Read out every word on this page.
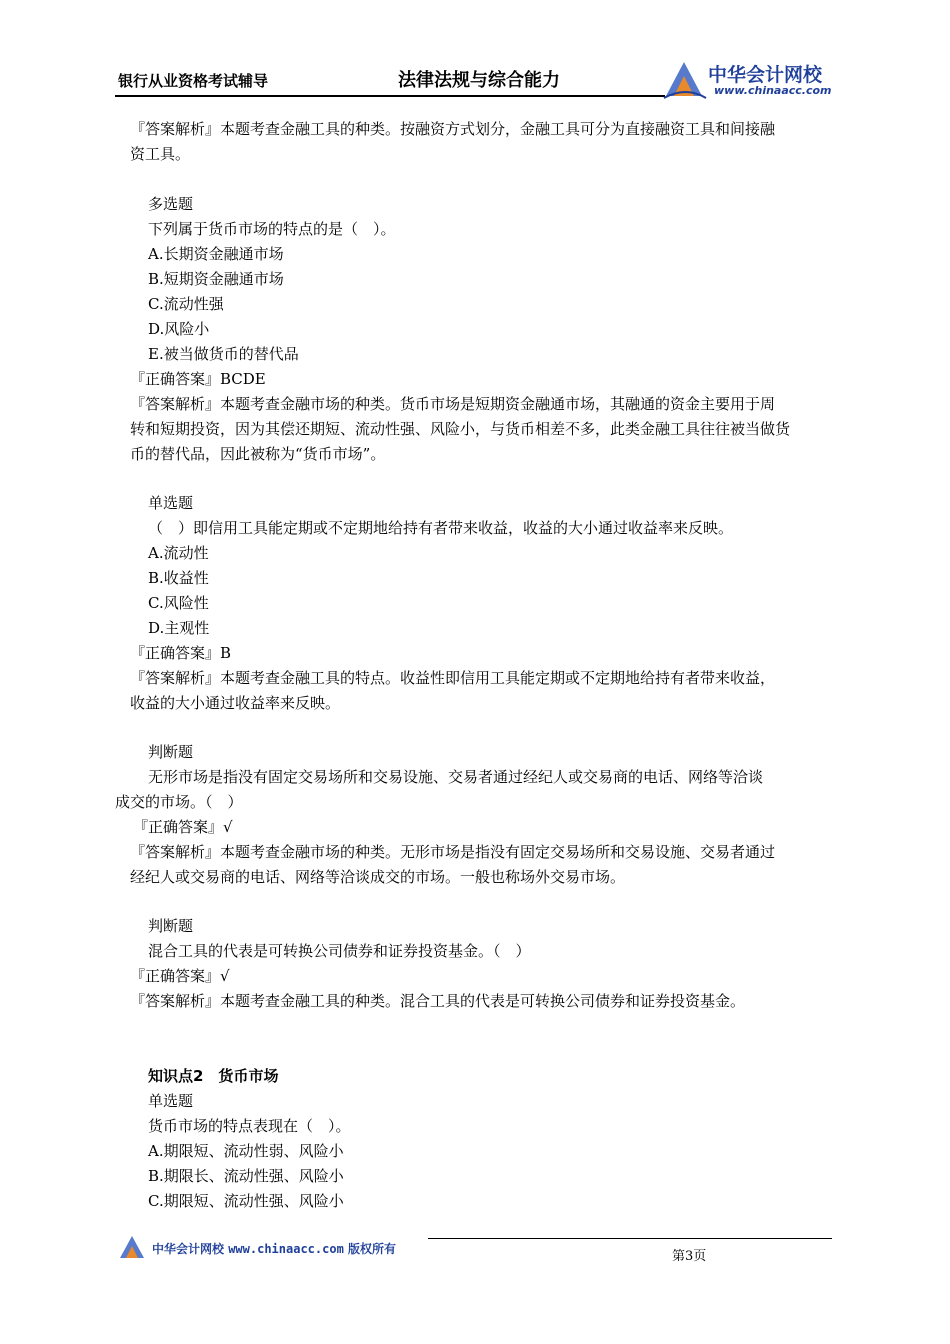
银行从业资格考试辅导	法律法规与综合能力	中华会计网校
www.chinaacc.com
『答案解析』本题考查金融工具的种类。按融资方式划分，金融工具可分为直接融资工具和间接融
资工具。
多选题
下列属于货币市场的特点的是（　）。
A.长期资金融通市场
B.短期资金融通市场
C.流动性强
D.风险小
E.被当做货币的替代品
『正确答案』BCDE
『答案解析』本题考查金融市场的种类。货币市场是短期资金融通市场，其融通的资金主要用于周
转和短期投资，因为其偿还期短、流动性强、风险小，与货币相差不多，此类金融工具往往被当做货
币的替代品，因此被称为“货币市场”。
单选题
（　）即信用工具能定期或不定期地给持有者带来收益，收益的大小通过收益率来反映。
A.流动性
B.收益性
C.风险性
D.主观性
『正确答案』B
『答案解析』本题考查金融工具的特点。收益性即信用工具能定期或不定期地给持有者带来收益，
收益的大小通过收益率来反映。
判断题
无形市场是指没有固定交易场所和交易设施、交易者通过经纪人或交易商的电话、网络等洽谈
成交的市场。（　）
『正确答案』√
『答案解析』本题考查金融市场的种类。无形市场是指没有固定交易场所和交易设施、交易者通过
经纪人或交易商的电话、网络等洽谈成交的市场。一般也称场外交易市场。
判断题
混合工具的代表是可转换公司债券和证券投资基金。（　）
『正确答案』√
『答案解析』本题考查金融工具的种类。混合工具的代表是可转换公司债券和证券投资基金。
知识点2　货币市场
单选题
货币市场的特点表现在（　）。
A.期限短、流动性弱、风险小
B.期限长、流动性强、风险小
C.期限短、流动性强、风险小
中华会计网校 www.chinaacc.com 版权所有	第3页
